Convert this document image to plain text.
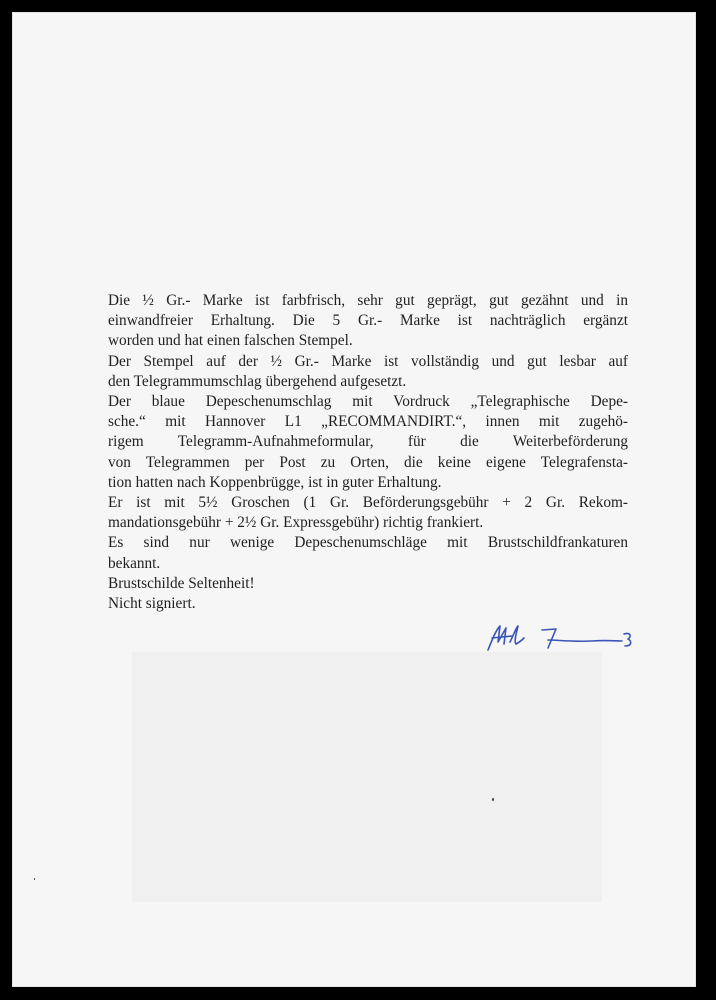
Die ½ Gr.- Marke ist farbfrisch, sehr gut geprägt, gut gezähnt und in
einwandfreier Erhaltung. Die 5 Gr.- Marke ist nachträglich ergänzt
worden und hat einen falschen Stempel.
Der Stempel auf der ½ Gr.- Marke ist vollständig und gut lesbar auf
den Telegrammumschlag übergehend aufgesetzt.
Der blaue Depeschenumschlag mit Vordruck „Telegraphische Depe-
sche.“ mit Hannover L1 „RECOMMANDIRT.“, innen mit zugehö-
rigem Telegramm-Aufnahmeformular, für die Weiterbeförderung
von Telegrammen per Post zu Orten, die keine eigene Telegrafensta-
tion hatten nach Koppenbrügge, ist in guter Erhaltung.
Er ist mit 5½ Groschen (1 Gr. Beförderungsgebühr + 2 Gr. Rekom-
mandationsgebühr + 2½ Gr. Expressgebühr) richtig frankiert.
Es sind nur wenige Depeschenumschläge mit Brustschildfrankaturen
bekannt.
Brustschilde Seltenheit!
Nicht signiert.
